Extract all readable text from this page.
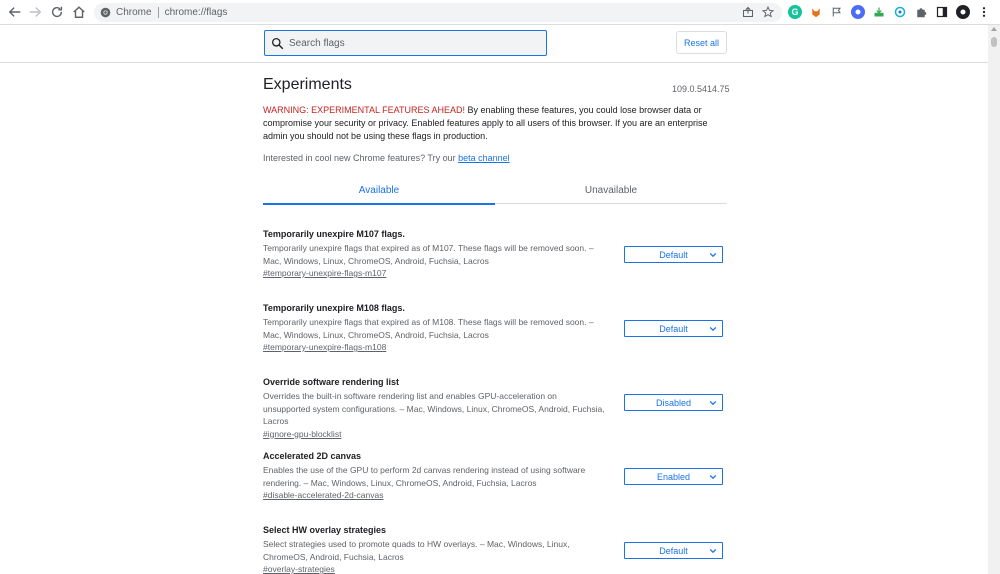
Chrome chrome://flags	G
Search flags
Reset all
Experiments	109.0.5414.75
WARNING: EXPERIMENTAL FEATURES AHEAD! By enabling these features, you could lose browser data or compromise your security or privacy. Enabled features apply to all users of this browser. If you are an enterprise admin you should not be using these flags in production.
Interested in cool new Chrome features? Try our beta channel
Available	Unavailable
Temporarily unexpire M107 flags.
Temporarily unexpire flags that expired as of M107. These flags will be removed soon. – Mac, Windows, Linux, ChromeOS, Android, Fuchsia, Lacros
#temporary-unexpire-flags-m107
Default
Temporarily unexpire M108 flags.
Temporarily unexpire flags that expired as of M108. These flags will be removed soon. – Mac, Windows, Linux, ChromeOS, Android, Fuchsia, Lacros
#temporary-unexpire-flags-m108
Default
Override software rendering list
Overrides the built-in software rendering list and enables GPU-acceleration on unsupported system configurations. – Mac, Windows, Linux, ChromeOS, Android, Fuchsia, Lacros
#ignore-gpu-blocklist
Disabled
Accelerated 2D canvas
Enables the use of the GPU to perform 2d canvas rendering instead of using software rendering. – Mac, Windows, Linux, ChromeOS, Android, Fuchsia, Lacros
#disable-accelerated-2d-canvas
Enabled
Select HW overlay strategies
Select strategies used to promote quads to HW overlays. – Mac, Windows, Linux, ChromeOS, Android, Fuchsia, Lacros
#overlay-strategies
Default
